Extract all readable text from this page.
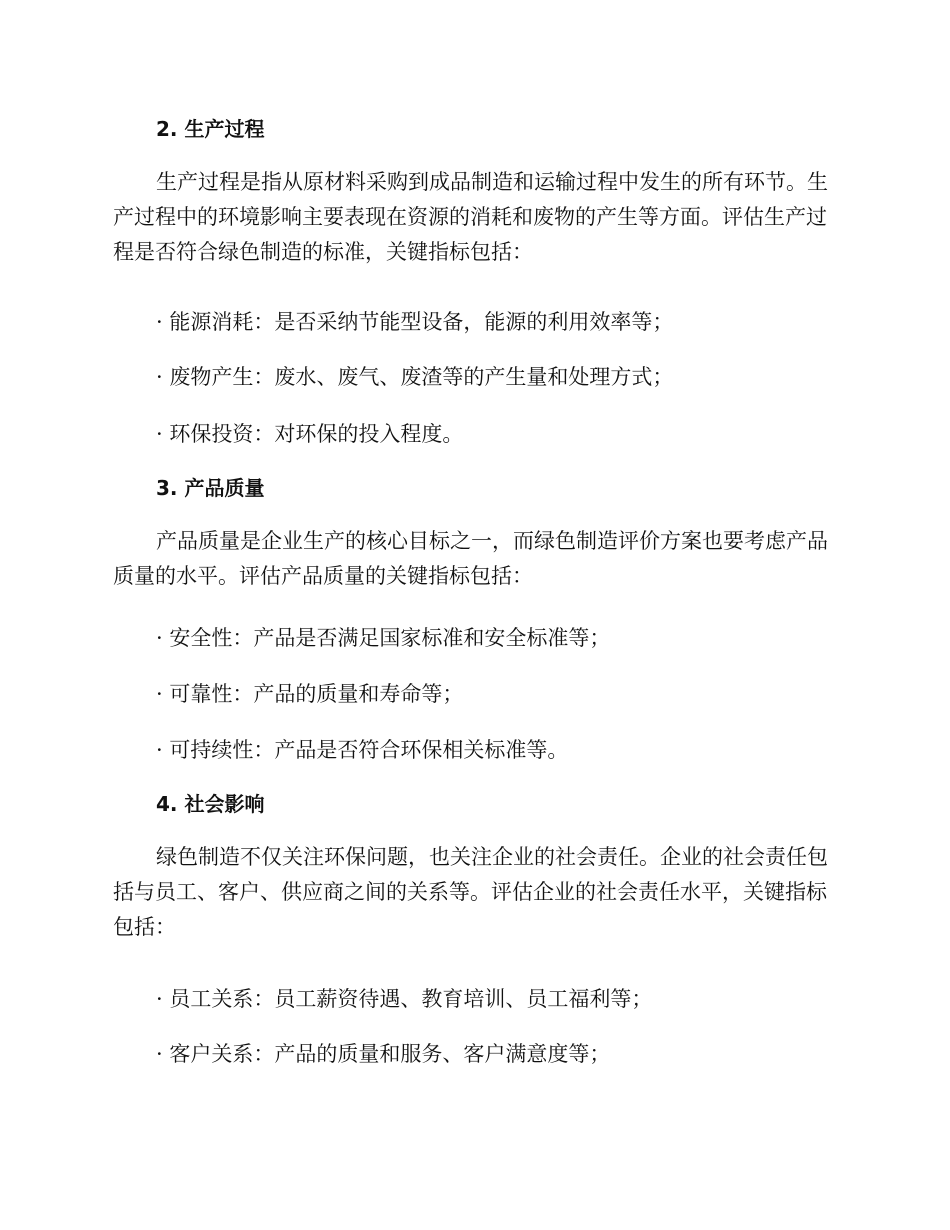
2. 生产过程
生产过程是指从原材料采购到成品制造和运输过程中发生的所有环节。生产过程中的环境影响主要表现在资源的消耗和废物的产生等方面。评估生产过程是否符合绿色制造的标准，关键指标包括：
· 能源消耗：是否采纳节能型设备，能源的利用效率等；
· 废物产生：废水、废气、废渣等的产生量和处理方式；
· 环保投资：对环保的投入程度。
3. 产品质量
产品质量是企业生产的核心目标之一，而绿色制造评价方案也要考虑产品质量的水平。评估产品质量的关键指标包括：
· 安全性：产品是否满足国家标准和安全标准等；
· 可靠性：产品的质量和寿命等；
· 可持续性：产品是否符合环保相关标准等。
4. 社会影响
绿色制造不仅关注环保问题，也关注企业的社会责任。企业的社会责任包括与员工、客户、供应商之间的关系等。评估企业的社会责任水平，关键指标包括：
· 员工关系：员工薪资待遇、教育培训、员工福利等；
· 客户关系：产品的质量和服务、客户满意度等；
